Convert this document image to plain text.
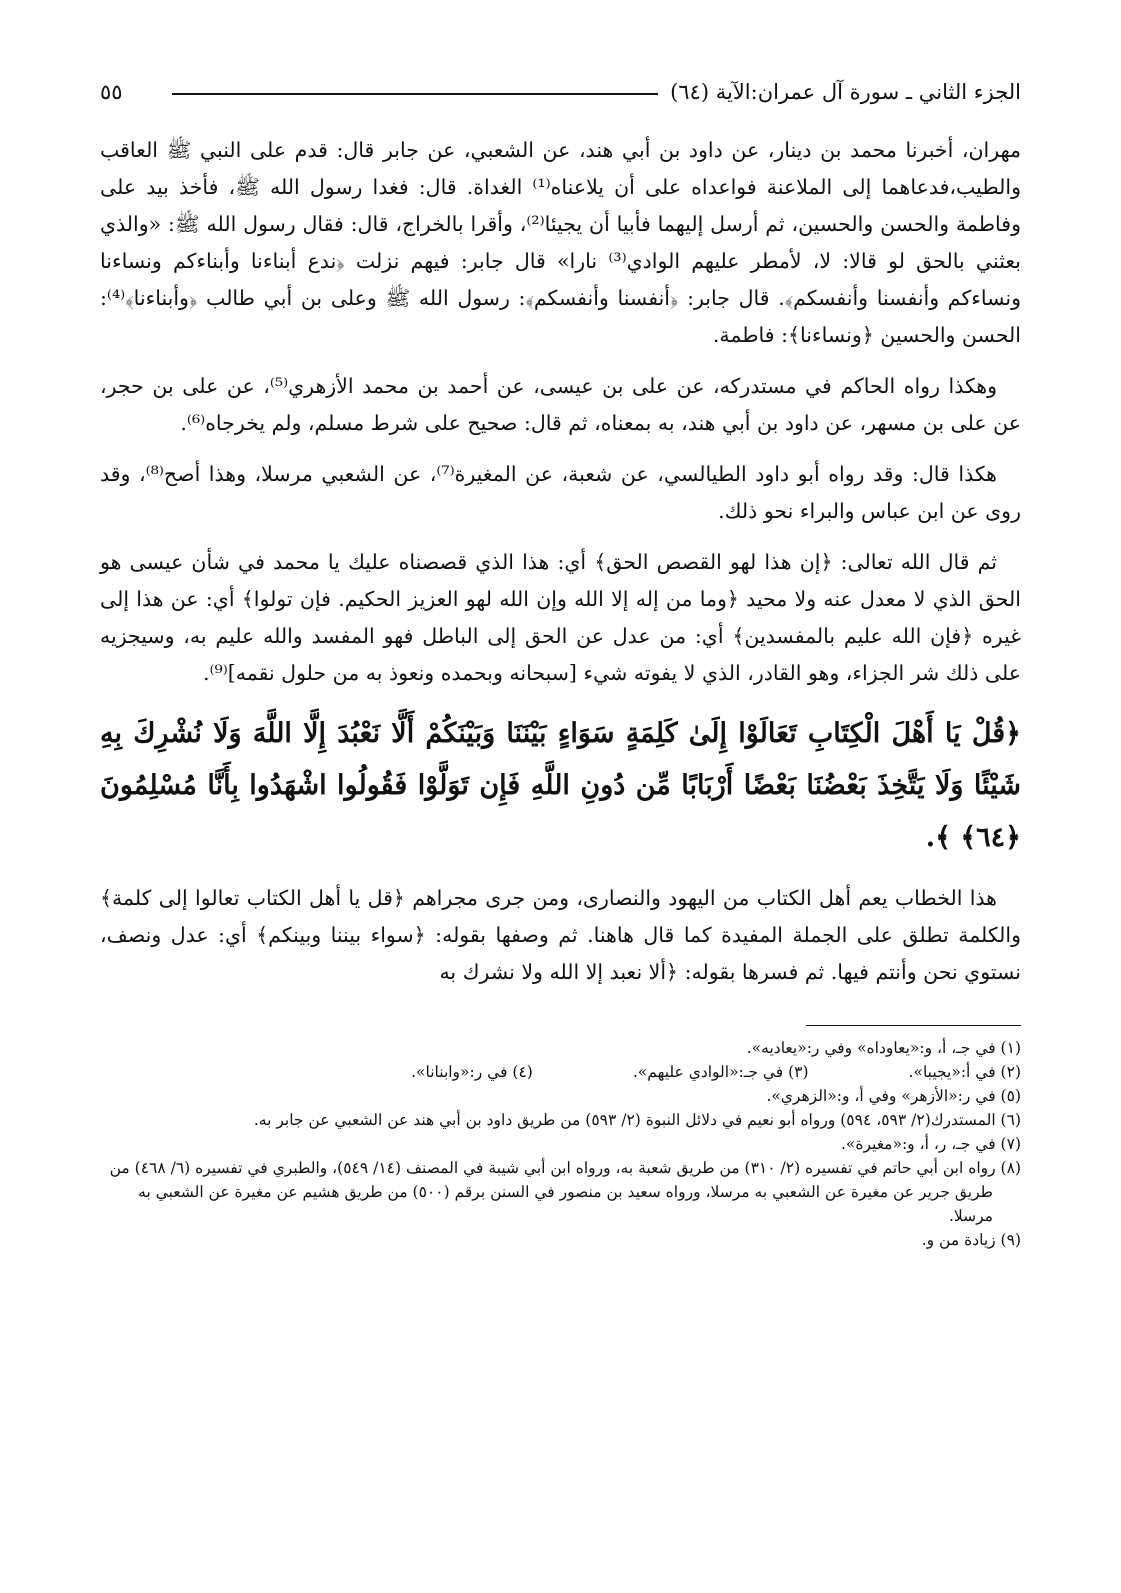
الجزء الثاني ـ سورة آل عمران:الآية (٦٤)
٥٥

مهران، أخبرنا محمد بن دينار، عن داود بن أبي هند، عن الشعبي، عن جابر قال: قدم على النبي ﷺ العاقب والطيب،فدعاهما إلى الملاعنة فواعداه على أن يلاعناه⁽¹⁾ الغداة. قال: فغدا رسول الله ﷺ، فأخذ بيد على وفاطمة والحسن والحسين، ثم أرسل إليهما فأبيا أن يجيئا⁽²⁾، وأقرا بالخراج، قال: فقال رسول الله ﷺ: «والذي بعثني بالحق لو قالا: لا، لأمطر عليهم الوادي⁽³⁾ نارا» قال جابر: فيهم نزلت ﴿ندع أبناءنا وأبناءكم ونساءنا ونساءكم وأنفسنا وأنفسكم﴾. قال جابر: ﴿أنفسنا وأنفسكم﴾: رسول الله ﷺ وعلى بن أبي طالب ﴿وأبناءنا﴾⁽⁴⁾: الحسن والحسين ﴿ونساءنا﴾: فاطمة.

وهكذا رواه الحاكم في مستدركه، عن على بن عيسى، عن أحمد بن محمد الأزهري⁽⁵⁾، عن على بن حجر، عن على بن مسهر، عن داود بن أبي هند، به بمعناه، ثم قال: صحيح على شرط مسلم، ولم يخرجاه⁽⁶⁾.

هكذا قال: وقد رواه أبو داود الطيالسي، عن شعبة، عن المغيرة⁽⁷⁾، عن الشعبي مرسلا، وهذا أصح⁽⁸⁾، وقد روى عن ابن عباس والبراء نحو ذلك.

ثم قال الله تعالى: ﴿إن هذا لهو القصص الحق﴾ أي: هذا الذي قصصناه عليك يا محمد في شأن عيسى هو الحق الذي لا معدل عنه ولا محيد ﴿وما من إله إلا الله وإن الله لهو العزيز الحكيم. فإن تولوا﴾ أي: عن هذا إلى غيره ﴿فإن الله عليم بالمفسدين﴾ أي: من عدل عن الحق إلى الباطل فهو المفسد والله عليم به، وسيجزيه على ذلك شر الجزاء، وهو القادر، الذي لا يفوته شيء [سبحانه وبحمده ونعوذ به من حلول نقمه]⁽⁹⁾.

﴿قُلْ يَا أَهْلَ الْكِتَابِ تَعَالَوْا إِلَىٰ كَلِمَةٍ سَوَاءٍ بَيْنَنَا وَبَيْنَكُمْ أَلَّا نَعْبُدَ إِلَّا اللَّهَ وَلَا نُشْرِكَ بِهِ شَيْئًا وَلَا يَتَّخِذَ بَعْضُنَا بَعْضًا أَرْبَابًا مِّن دُونِ اللَّهِ فَإِن تَوَلَّوْا فَقُولُوا اشْهَدُوا بِأَنَّا مُسْلِمُونَ ﴿٦٤﴾ ﴾.

هذا الخطاب يعم أهل الكتاب من اليهود والنصارى، ومن جرى مجراهم ﴿قل يا أهل الكتاب تعالوا إلى كلمة﴾ والكلمة تطلق على الجملة المفيدة كما قال هاهنا. ثم وصفها بقوله: ﴿سواء بيننا وبينكم﴾ أي: عدل ونصف، نستوي نحن وأنتم فيها. ثم فسرها بقوله: ﴿ألا نعبد إلا الله ولا نشرك به

(١) في جـ، أ، و:«يعاوداه» وفي ر:«يعاديه».

(٢) في أ:«يجيبا».

(٣) في جـ:«الوادي عليهم».

(٤) في ر:«وابنانا».

(٥) في ر:«الأزهر» وفي أ، و:«الزهري».

(٦) المستدرك(٢/ ٥٩٣، ٥٩٤) ورواه أبو نعيم في دلائل النبوة (٢/ ٥٩٣) من طريق داود بن أبي هند عن الشعبي عن جابر به.

(٧) في جـ، ر، أ، و:«مغيرة».

(٨) رواه ابن أبي حاتم في تفسيره (٢/ ٣١٠) من طريق شعبة به، ورواه ابن أبي شيبة في المصنف (١٤/ ٥٤٩)، والطبري في تفسيره (٦/ ٤٦٨) من طريق جرير عن مغيرة عن الشعبي به مرسلا، ورواه سعيد بن منصور في السنن برقم (٥٠٠) من طريق هشيم عن مغيرة عن الشعبي به مرسلا.

(٩) زيادة من و.
